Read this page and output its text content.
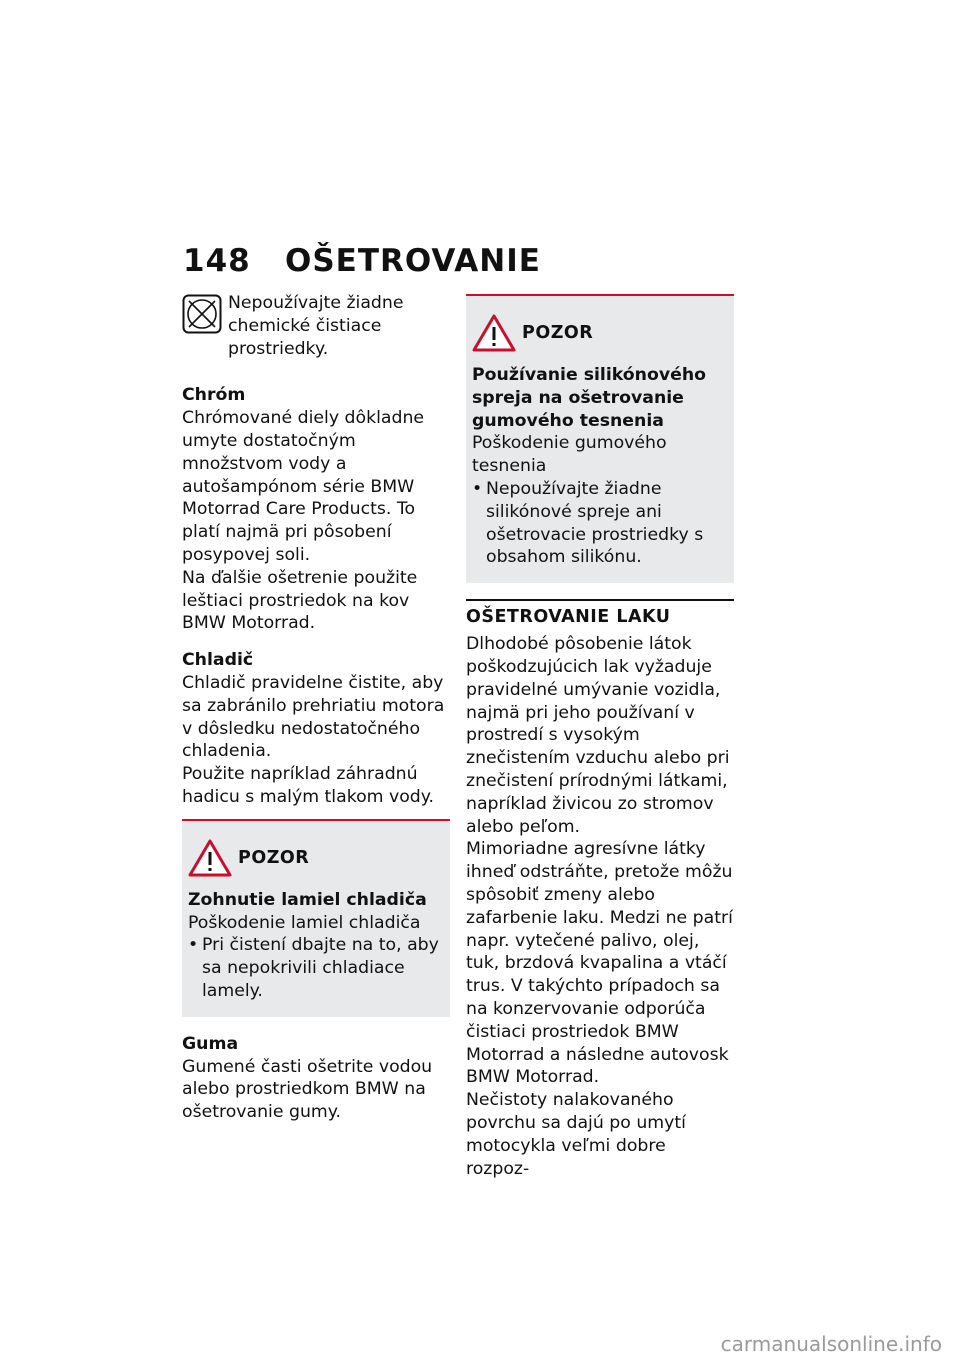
148	OŠETROVANIE

Nepoužívajte žiadne chemické čistiace prostriedky.

Chróm

Chrómované diely dôkladne umyte dostatočným množstvom vody a autošampónom série BMW Motorrad Care Products. To platí najmä pri pôsobení posypovej soli.

Na ďalšie ošetrenie použite leštiaci prostriedok na kov BMW Motorrad.

Chladič

Chladič pravidelne čistite, aby sa zabránilo prehriatiu motora v dôsledku nedostatočného chladenia.

Použite napríklad záhradnú hadicu s malým tlakom vody.

POZOR

Zohnutie lamiel chladiča

Poškodenie lamiel chladiča

• Pri čistení dbajte na to, aby sa nepokrivili chladiace lamely.

Guma

Gumené časti ošetrite vodou alebo prostriedkom BMW na ošetrovanie gumy.

POZOR

Používanie silikónového spreja na ošetrovanie gumového tesnenia

Poškodenie gumového tesnenia

• Nepoužívajte žiadne silikónové spreje ani ošetrovacie prostriedky s obsahom silikónu.

OŠETROVANIE LAKU

Dlhodobé pôsobenie látok poškodzujúcich lak vyžaduje pravidelné umývanie vozidla, najmä pri jeho používaní v prostredí s vysokým znečistením vzduchu alebo pri znečistení prírodnými látkami, napríklad živicou zo stromov alebo peľom.

Mimoriadne agresívne látky ihneď odstráňte, pretože môžu spôsobiť zmeny alebo zafarbenie laku. Medzi ne patrí napr. vytečené palivo, olej, tuk, brzdová kvapalina a vtáčí trus. V takýchto prípadoch sa na konzervovanie odporúča čistiaci prostriedok BMW Motorrad a následne autovosk BMW Motorrad.

Nečistoty nalakovaného povrchu sa dajú po umytí motocykla veľmi dobre rozpoz-

carmanualsonline.info
